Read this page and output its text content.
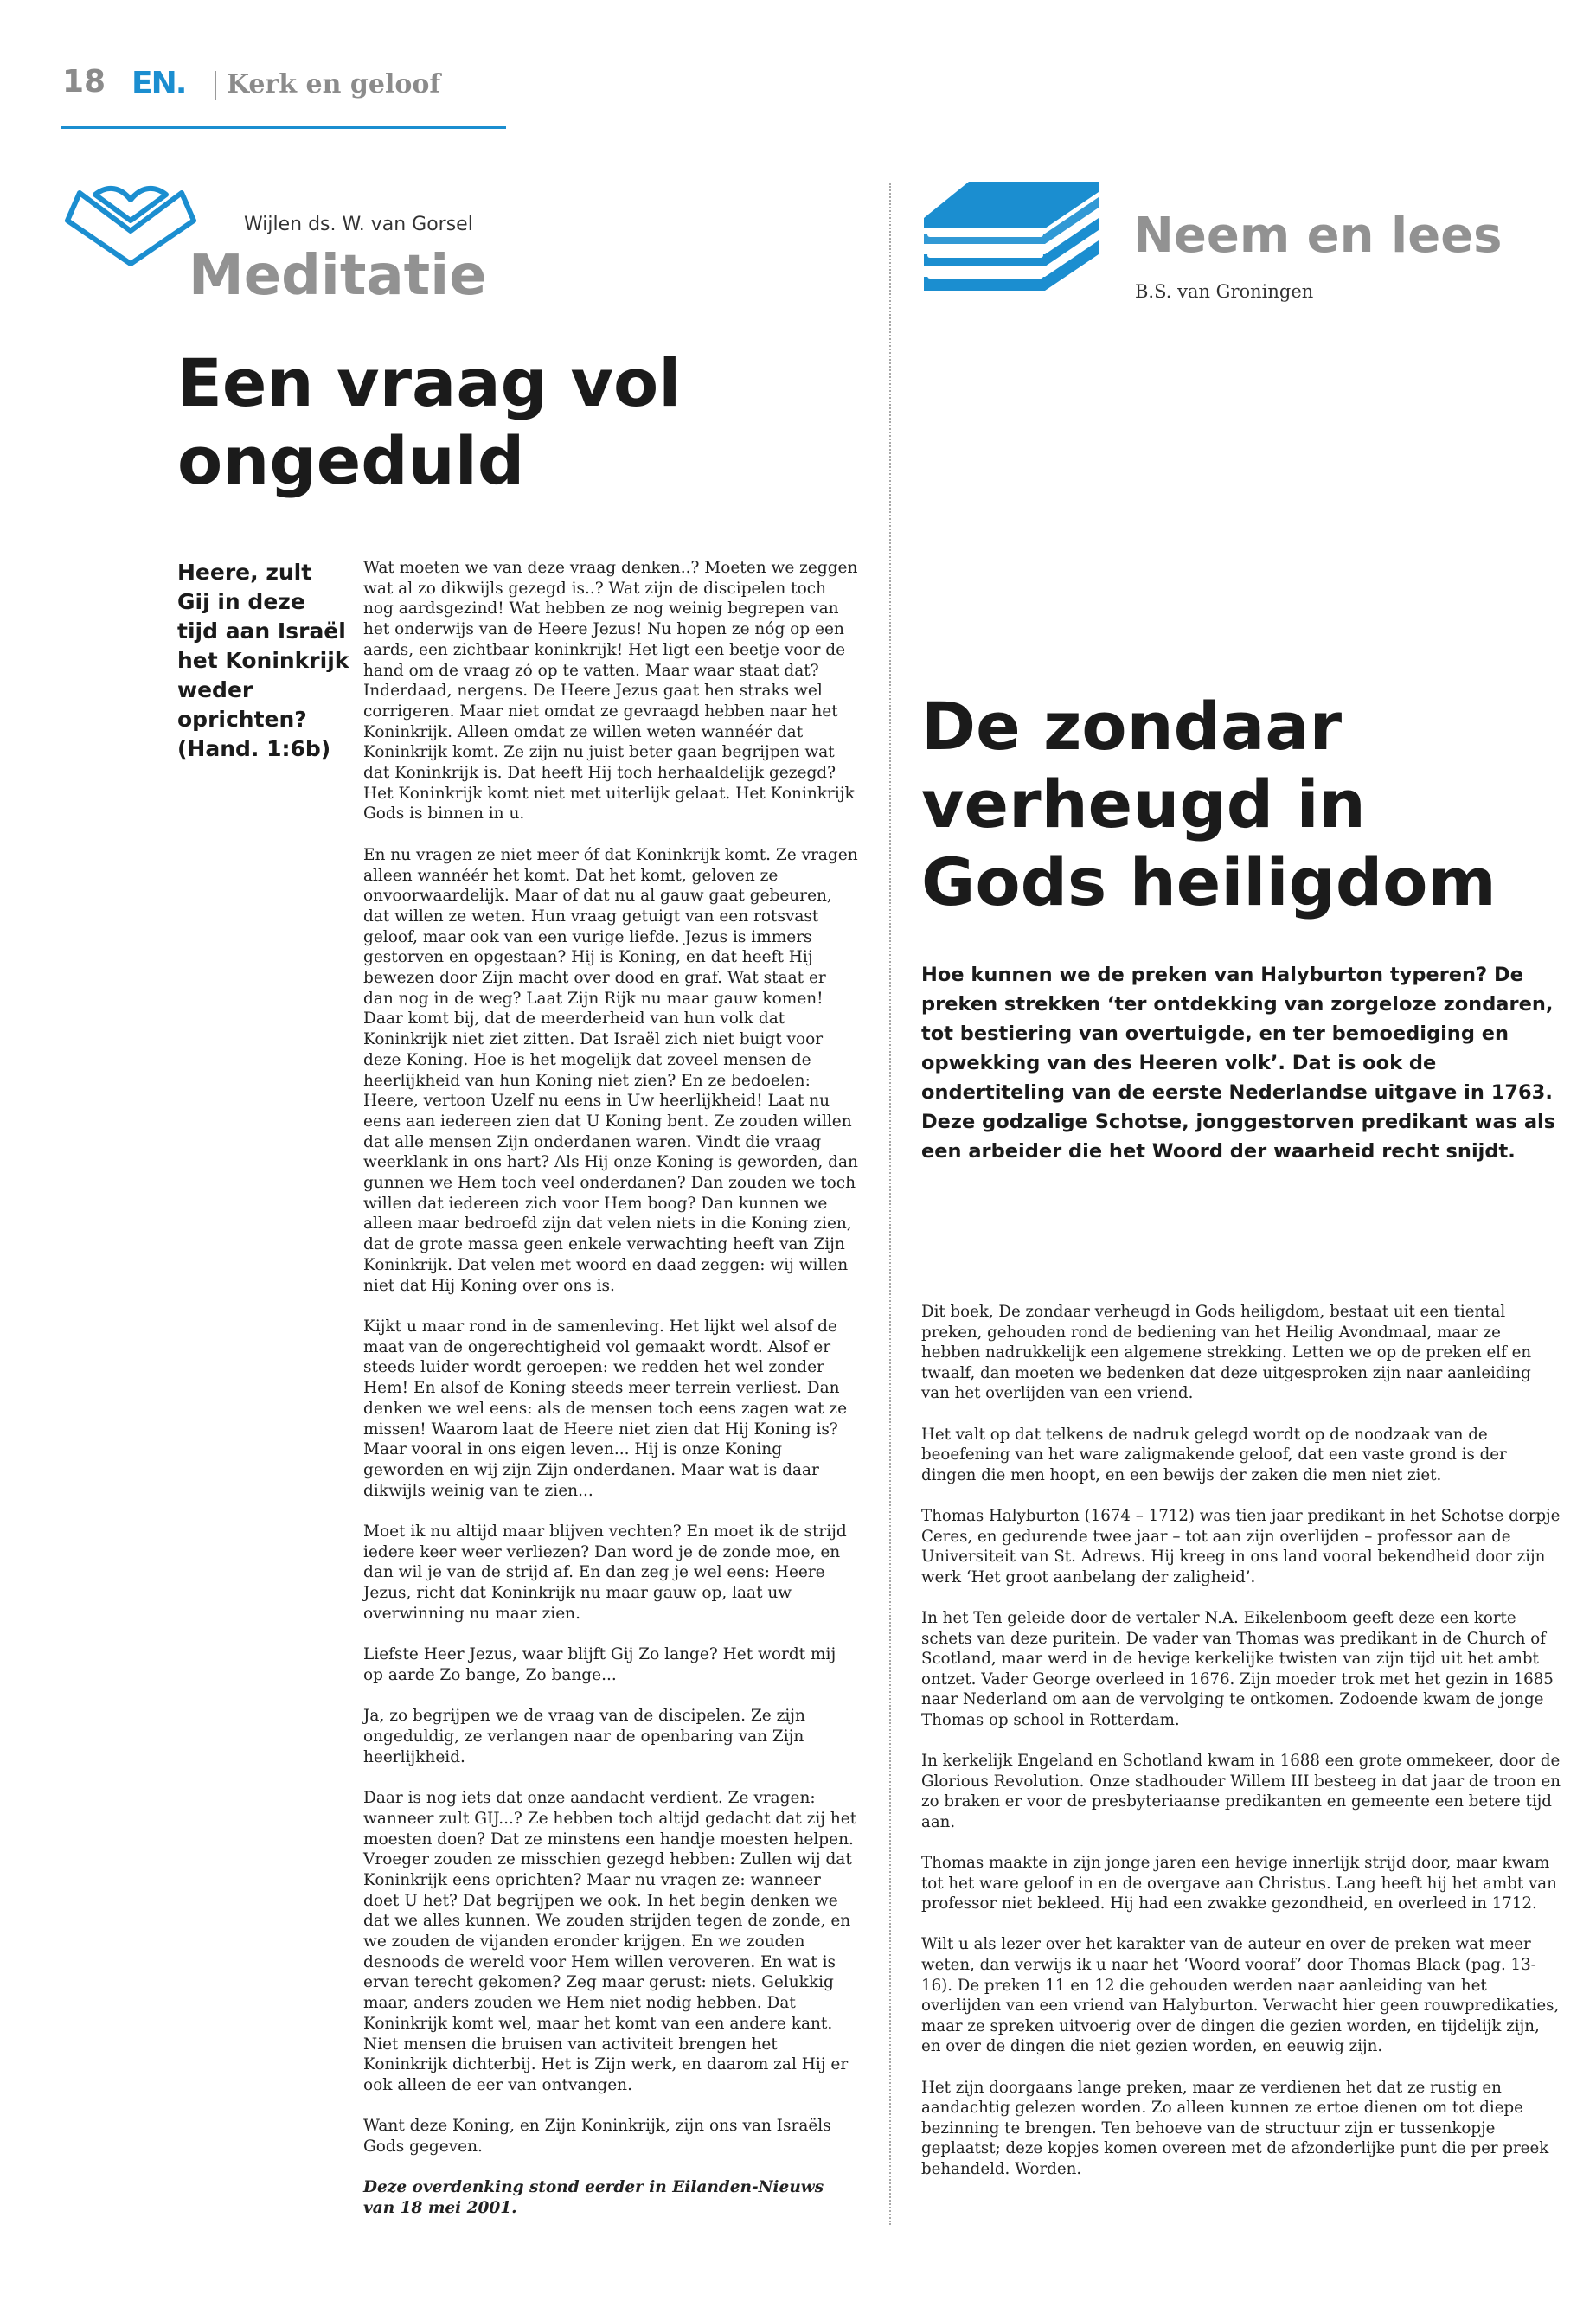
18 EN. Kerk en geloof
Wijlen ds. W. van Gorsel
Meditatie
Een vraag vol ongeduld
Heere, zult Gij in deze tijd aan Israël het Koninkrijk weder oprichten? (Hand. 1:6b)

Wat moeten we van deze vraag denken..? Moeten we zeggen wat al zo dikwijls gezegd is..? Wat zijn de discipelen toch nog aardsgezind! Wat hebben ze nog weinig begrepen van het onderwijs van de Heere Jezus! Nu hopen ze nóg op een aards, een zichtbaar koninkrijk! Het ligt een beetje voor de hand om de vraag zó op te vatten. Maar waar staat dat? Inderdaad, nergens. De Heere Jezus gaat hen straks wel corrigeren. Maar niet omdat ze gevraagd hebben naar het Koninkrijk. Alleen omdat ze willen weten wannéér dat Koninkrijk komt. Ze zijn nu juist beter gaan begrijpen wat dat Koninkrijk is. Dat heeft Hij toch herhaaldelijk gezegd? Het Koninkrijk komt niet met uiterlijk gelaat. Het Koninkrijk Gods is binnen in u.

En nu vragen ze niet meer óf dat Koninkrijk komt. Ze vragen alleen wannéér het komt. Dat het komt, geloven ze onvoorwaardelijk. Maar of dat nu al gauw gaat gebeuren, dat willen ze weten. Hun vraag getuigt van een rotsvast geloof, maar ook van een vurige liefde. Jezus is immers gestorven en opgestaan? Hij is Koning, en dat heeft Hij bewezen door Zijn macht over dood en graf. Wat staat er dan nog in de weg? Laat Zijn Rijk nu maar gauw komen! Daar komt bij, dat de meerderheid van hun volk dat Koninkrijk niet ziet zitten. Dat Israël zich niet buigt voor deze Koning. Hoe is het mogelijk dat zoveel mensen de heerlijkheid van hun Koning niet zien? En ze bedoelen: Heere, vertoon Uzelf nu eens in Uw heerlijkheid! Laat nu eens aan iedereen zien dat U Koning bent. Ze zouden willen dat alle mensen Zijn onderdanen waren. Vindt die vraag weerklank in ons hart? Als Hij onze Koning is geworden, dan gunnen we Hem toch veel onderdanen? Dan zouden we toch willen dat iedereen zich voor Hem boog? Dan kunnen we alleen maar bedroefd zijn dat velen niets in die Koning zien, dat de grote massa geen enkele verwachting heeft van Zijn Koninkrijk. Dat velen met woord en daad zeggen: wij willen niet dat Hij Koning over ons is.

Kijkt u maar rond in de samenleving. Het lijkt wel alsof de maat van de ongerechtigheid vol gemaakt wordt. Alsof er steeds luider wordt geroepen: we redden het wel zonder Hem! En alsof de Koning steeds meer terrein verliest. Dan denken we wel eens: als de mensen toch eens zagen wat ze missen! Waarom laat de Heere niet zien dat Hij Koning is? Maar vooral in ons eigen leven... Hij is onze Koning geworden en wij zijn Zijn onderdanen. Maar wat is daar dikwijls weinig van te zien...

Moet ik nu altijd maar blijven vechten? En moet ik de strijd iedere keer weer verliezen? Dan word je de zonde moe, en dan wil je van de strijd af. En dan zeg je wel eens: Heere Jezus, richt dat Koninkrijk nu maar gauw op, laat uw overwinning nu maar zien.

Liefste Heer Jezus, waar blijft Gij Zo lange? Het wordt mij op aarde Zo bange, Zo bange...

Ja, zo begrijpen we de vraag van de discipelen. Ze zijn ongeduldig, ze verlangen naar de openbaring van Zijn heerlijkheid.

Daar is nog iets dat onze aandacht verdient. Ze vragen: wanneer zult GIJ...? Ze hebben toch altijd gedacht dat zij het moesten doen? Dat ze minstens een handje moesten helpen. Vroeger zouden ze misschien gezegd hebben: Zullen wij dat Koninkrijk eens oprichten? Maar nu vragen ze: wanneer doet U het? Dat begrijpen we ook. In het begin denken we dat we alles kunnen. We zouden strijden tegen de zonde, en we zouden de vijanden eronder krijgen. En we zouden desnoods de wereld voor Hem willen veroveren. En wat is ervan terecht gekomen? Zeg maar gerust: niets. Gelukkig maar, anders zouden we Hem niet nodig hebben. Dat Koninkrijk komt wel, maar het komt van een andere kant. Niet mensen die bruisen van activiteit brengen het Koninkrijk dichterbij. Het is Zijn werk, en daarom zal Hij er ook alleen de eer van ontvangen.

Want deze Koning, en Zijn Koninkrijk, zijn ons van Israëls Gods gegeven.

Deze overdenking stond eerder in Eilanden-Nieuws van 18 mei 2001.

Neem en lees
B.S. van Groningen
De zondaar verheugd in Gods heiligdom
Hoe kunnen we de preken van Halyburton typeren? De preken strekken ‘ter ontdekking van zorgeloze zondaren, tot bestiering van overtuigde, en ter bemoediging en opwekking van des Heeren volk’. Dat is ook de ondertiteling van de eerste Nederlandse uitgave in 1763. Deze godzalige Schotse, jonggestorven predikant was als een arbeider die het Woord der waarheid recht snijdt.

Dit boek, De zondaar verheugd in Gods heiligdom, bestaat uit een tiental preken, gehouden rond de bediening van het Heilig Avondmaal, maar ze hebben nadrukkelijk een algemene strekking. Letten we op de preken elf en twaalf, dan moeten we bedenken dat deze uitgesproken zijn naar aanleiding van het overlijden van een vriend.

Het valt op dat telkens de nadruk gelegd wordt op de noodzaak van de beoefening van het ware zaligmakende geloof, dat een vaste grond is der dingen die men hoopt, en een bewijs der zaken die men niet ziet.

Thomas Halyburton (1674 – 1712) was tien jaar predikant in het Schotse dorpje Ceres, en gedurende twee jaar – tot aan zijn overlijden – professor aan de Universiteit van St. Adrews. Hij kreeg in ons land vooral bekendheid door zijn werk ‘Het groot aanbelang der zaligheid’.

In het Ten geleide door de vertaler N.A. Eikelenboom geeft deze een korte schets van deze puritein. De vader van Thomas was predikant in de Church of Scotland, maar werd in de hevige kerkelijke twisten van zijn tijd uit het ambt ontzet. Vader George overleed in 1676. Zijn moeder trok met het gezin in 1685 naar Nederland om aan de vervolging te ontkomen. Zodoende kwam de jonge Thomas op school in Rotterdam.

In kerkelijk Engeland en Schotland kwam in 1688 een grote ommekeer, door de Glorious Revolution. Onze stadhouder Willem III besteeg in dat jaar de troon en zo braken er voor de presbyteriaanse predikanten en gemeente een betere tijd aan.

Thomas maakte in zijn jonge jaren een hevige innerlijk strijd door, maar kwam tot het ware geloof in en de overgave aan Christus. Lang heeft hij het ambt van professor niet bekleed. Hij had een zwakke gezondheid, en overleed in 1712.

Wilt u als lezer over het karakter van de auteur en over de preken wat meer weten, dan verwijs ik u naar het ‘Woord vooraf’ door Thomas Black (pag. 13-16). De preken 11 en 12 die gehouden werden naar aanleiding van het overlijden van een vriend van Halyburton. Verwacht hier geen rouwpredikaties, maar ze spreken uitvoerig over de dingen die gezien worden, en tijdelijk zijn, en over de dingen die niet gezien worden, en eeuwig zijn.

Het zijn doorgaans lange preken, maar ze verdienen het dat ze rustig en aandachtig gelezen worden. Zo alleen kunnen ze ertoe dienen om tot diepe bezinning te brengen. Ten behoeve van de structuur zijn er tussenkopje geplaatst; deze kopjes komen overeen met de afzonderlijke punt die per preek behandeld. Worden.
